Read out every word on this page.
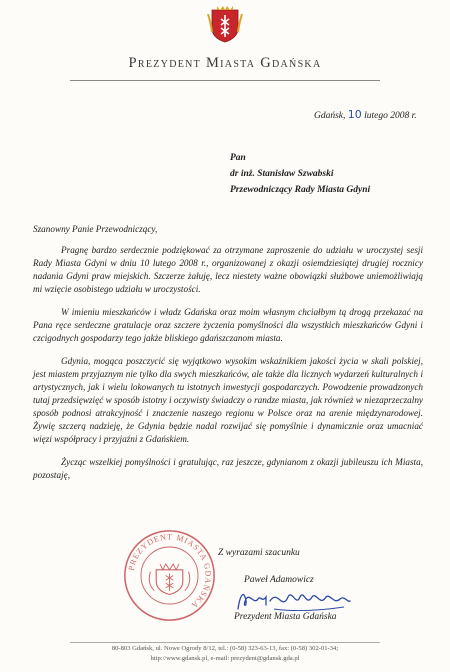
Prezydent Miasta Gdańska
Gdańsk, 10 lutego 2008 r.
Pan
dr inż. Stanisław Szwabski
Przewodniczący Rady Miasta Gdyni

Szanowny Panie Przewodniczący,

Pragnę bardzo serdecznie podziękować za otrzymane zaproszenie do udziału w uroczystej sesji Rady Miasta Gdyni w dniu 10 lutego 2008 r., organizowanej z okazji osiemdziesiątej drugiej rocznicy nadania Gdyni praw miejskich. Szczerze żałuję, lecz niestety ważne obowiązki służbowe uniemożliwiają mi wzięcie osobistego udziału w uroczystości.

W imieniu mieszkańców i władz Gdańska oraz moim własnym chciałbym tą drogą przekazać na Pana ręce serdeczne gratulacje oraz szczere życzenia pomyślności dla wszystkich mieszkańców Gdyni i czcigodnych gospodarzy tego jakże bliskiego gdańszczanom miasta.

Gdynia, mogąca poszczycić się wyjątkowo wysokim wskaźnikiem jakości życia w skali polskiej, jest miastem przyjaznym nie tylko dla swych mieszkańców, ale także dla licznych wydarzeń kulturalnych i artystycznych, jak i wielu lokowanych tu istotnych inwestycji gospodarczych. Powodzenie prowadzonych tutaj przedsięwzięć w sposób istotny i oczywisty świadczy o randze miasta, jak również w niezaprzeczalny sposób podnosi atrakcyjność i znaczenie naszego regionu w Polsce oraz na arenie międzynarodowej. Żywię szczerą nadzieję, że Gdynia będzie nadal rozwijać się pomyślnie i dynamicznie oraz umacniać więzi współpracy i przyjaźni z Gdańskiem.

Życząc wszelkiej pomyślności i gratulując, raz jeszcze, gdynianom z okazji jubileuszu ich Miasta, pozostaję,

PREZYDENT MIASTA GDAŃSKA
Z wyrazami szacunku
Paweł Adamowicz
Prezydent Miasta Gdańska
80-803 Gdańsk, ul. Nowe Ogrody 8/12, tel.: (0-58) 323-63-13, fax: (0-58) 302-01-34;
http://www.gdansk.pl, e-mail: prezydent@gdansk.gda.pl
